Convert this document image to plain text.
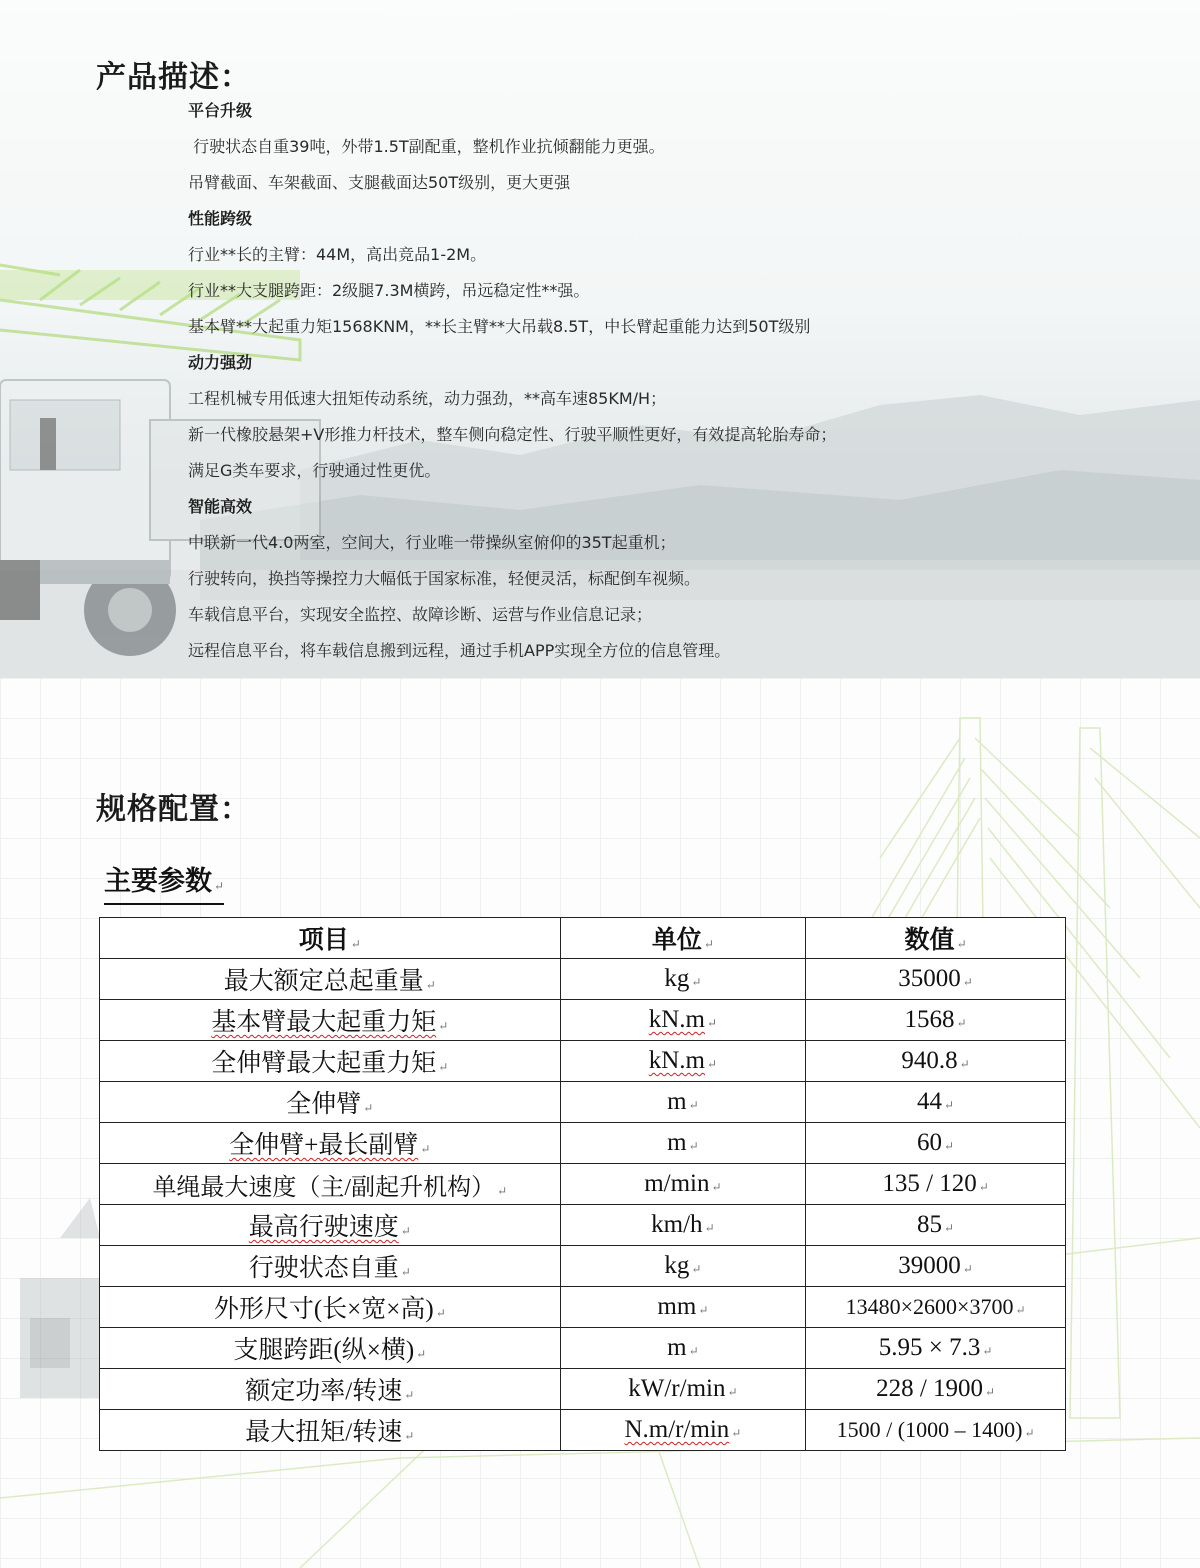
产品描述：
平台升级
行驶状态自重39吨，外带1.5T副配重，整机作业抗倾翻能力更强。
吊臂截面、车架截面、支腿截面达50T级别，更大更强
性能跨级
行业**长的主臂：44M，高出竞品1-2M。
行业**大支腿跨距：2级腿7.3M横跨，吊远稳定性**强。
基本臂**大起重力矩1568KNM，**长主臂**大吊载8.5T，中长臂起重能力达到50T级别
动力强劲
工程机械专用低速大扭矩传动系统，动力强劲，**高车速85KM/H；
新一代橡胶悬架+V形推力杆技术，整车侧向稳定性、行驶平顺性更好，有效提高轮胎寿命；
满足G类车要求，行驶通过性更优。
智能高效
中联新一代4.0两室，空间大，行业唯一带操纵室俯仰的35T起重机；
行驶转向，换挡等操控力大幅低于国家标准，轻便灵活，标配倒车视频。
车载信息平台，实现安全监控、故障诊断、运营与作业信息记录；
远程信息平台，将车载信息搬到远程，通过手机APP实现全方位的信息管理。
规格配置：
主要参数 ↵
项目 ↵	单位 ↵	数值 ↵
最大额定总起重量 ↵	kg ↵	35000 ↵
基本臂最大起重力矩 ↵	kN.m ↵	1568 ↵
全伸臂最大起重力矩 ↵	kN.m ↵	940.8 ↵
全伸臂 ↵	m ↵	44 ↵
全伸臂+最长副臂 ↵	m ↵	60 ↵
单绳最大速度（主/副起升机构） ↵	m/min ↵	135 / 120 ↵
最高行驶速度 ↵	km/h ↵	85 ↵
行驶状态自重 ↵	kg ↵	39000 ↵
外形尺寸(长×宽×高) ↵	mm ↵	13480×2600×3700 ↵
支腿跨距(纵×横) ↵	m ↵	5.95 × 7.3 ↵
额定功率/转速 ↵	kW/r/min ↵	228 / 1900 ↵
最大扭矩/转速 ↵	N.m/r/min ↵	1500 / (1000 – 1400) ↵
